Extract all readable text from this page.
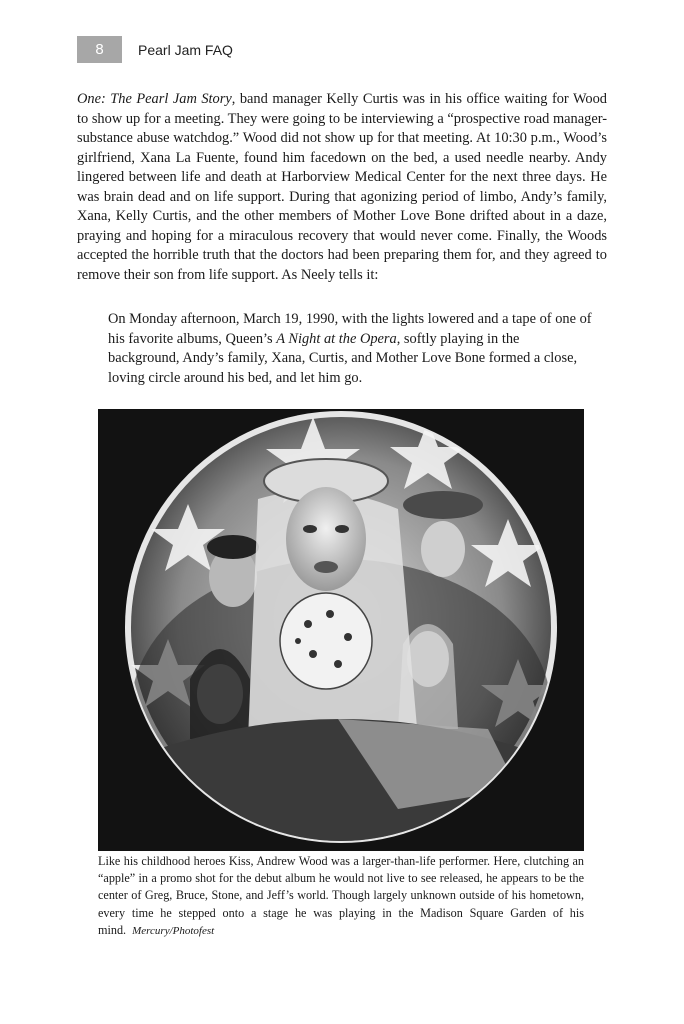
8	Pearl Jam FAQ

One: The Pearl Jam Story, band manager Kelly Curtis was in his office waiting for Wood to show up for a meeting. They were going to be interviewing a “prospective road manager-substance abuse watchdog.” Wood did not show up for that meeting. At 10:30 p.m., Wood’s girlfriend, Xana La Fuente, found him facedown on the bed, a used needle nearby. Andy lingered between life and death at Harborview Medical Center for the next three days. He was brain dead and on life support. During that agonizing period of limbo, Andy’s family, Xana, Kelly Curtis, and the other members of Mother Love Bone drifted about in a daze, praying and hoping for a miraculous recovery that would never come. Finally, the Woods accepted the horrible truth that the doctors had been preparing them for, and they agreed to remove their son from life support. As Neely tells it:

On Monday afternoon, March 19, 1990, with the lights lowered and a tape of one of his favorite albums, Queen’s A Night at the Opera, softly playing in the background, Andy’s family, Xana, Curtis, and Mother Love Bone formed a close, loving circle around his bed, and let him go.

Like his childhood heroes Kiss, Andrew Wood was a larger-than-life performer. Here, clutching an “apple” in a promo shot for the debut album he would not live to see released, he appears to be the center of Greg, Bruce, Stone, and Jeff’s world. Though largely unknown outside of his hometown, every time he stepped onto a stage he was playing in the Madison Square Garden of his mind. Mercury/Photofest
